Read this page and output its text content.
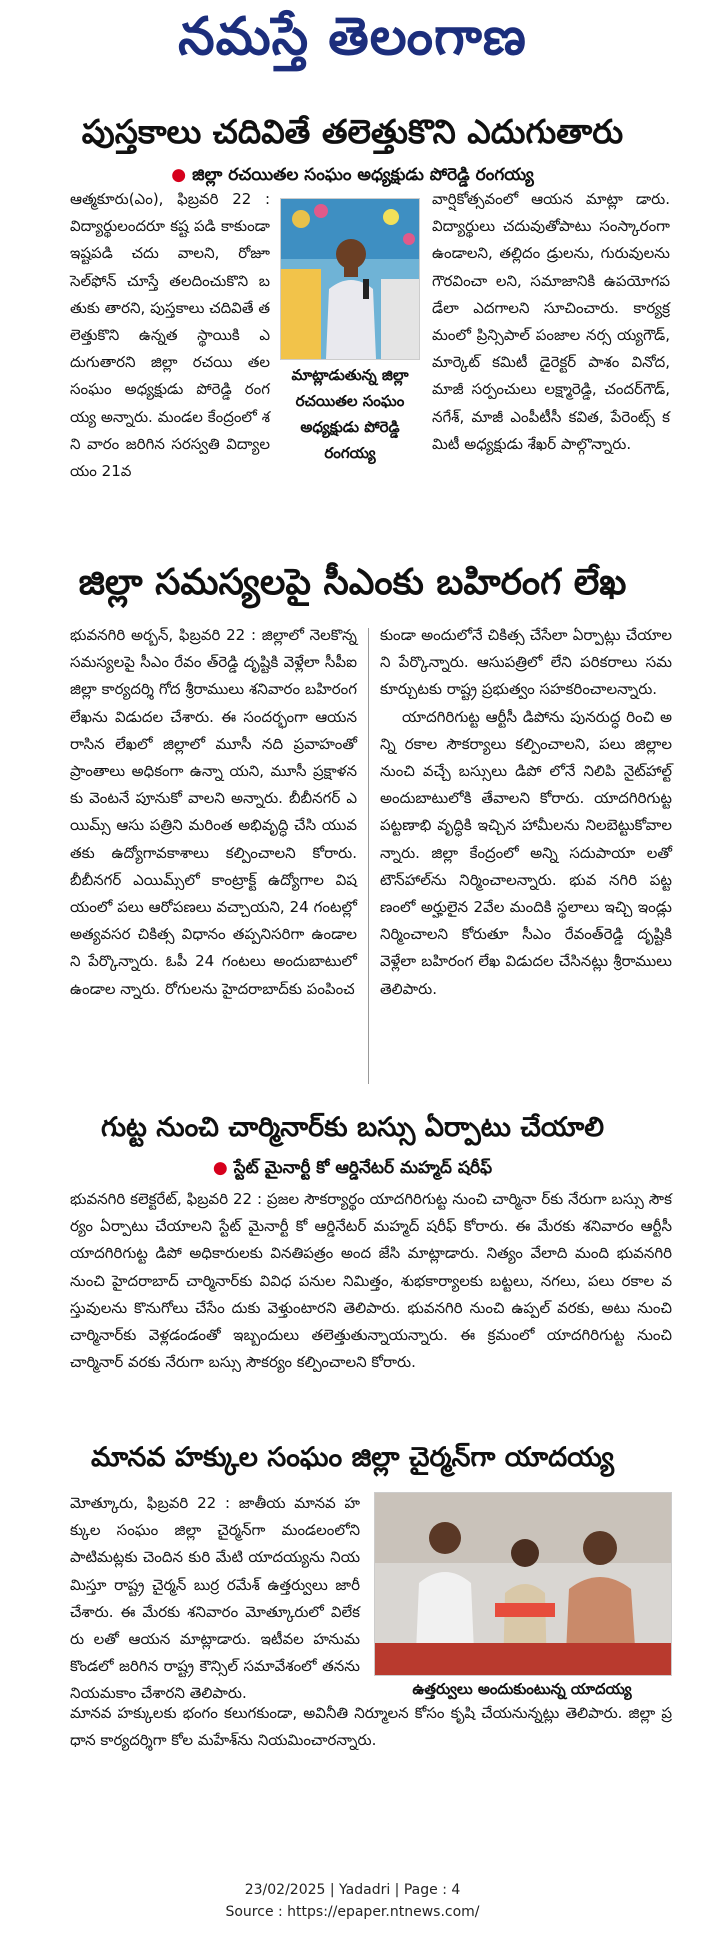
నమస్తే తెలంగాణ
పుస్తకాలు చదివితే తలెత్తుకొని ఎదుగుతారు
● జిల్లా రచయితల సంఘం అధ్యక్షుడు పోరెడ్డి రంగయ్య

ఆత్మకూరు(ఎం), ఫిబ్రవరి 22 : విద్యార్థులందరూ కష్ట పడి కాకుండా ఇష్టపడి చదు వాలని, రోజూ సెల్‌ఫోన్ చూస్తే తలదించుకొని బతుకు తారని, పుస్తకాలు చదివితే తలెత్తుకొని ఉన్నత స్థాయికి ఎదుగుతారని జిల్లా రచయి తల సంఘం అధ్యక్షుడు పోరెడ్డి రంగయ్య అన్నారు. మండల కేంద్రంలో శని వారం జరిగిన సరస్వతి విద్యాలయం 21వ

మాట్లాడుతున్న జిల్లా రచయితల సంఘం అధ్యక్షుడు పోరెడ్డి రంగయ్య

వార్షికోత్సవంలో ఆయన మాట్లా డారు. విద్యార్థులు చదువుతోపాటు సంస్కారంగా ఉండాలని, తల్లిదం డ్రులను, గురువులను గౌరవించా లని, సమాజానికి ఉపయోగపడేలా ఎదగాలని సూచించారు. కార్యక్ర మంలో ప్రిన్సిపాల్ పంజాల నర్స య్యగౌడ్, మార్కెట్ కమిటీ డైరెక్టర్ పాశం వినోద, మాజీ సర్పంచులు లక్ష్మారెడ్డి, చందర్‌గౌడ్, నగేశ్, మాజీ ఎంపీటీసీ కవిత, పేరెంట్స్ కమిటీ అధ్యక్షుడు శేఖర్ పాల్గొన్నారు.

జిల్లా సమస్యలపై సీఎంకు బహిరంగ లేఖ

భువనగిరి అర్బన్, ఫిబ్రవరి 22 : జిల్లాలో నెలకొన్న సమస్యలపై సీఎం రేవం త్‌రెడ్డి దృష్టికి వెళ్లేలా సీపీఐ జిల్లా కార్యదర్శి గోద శ్రీరాములు శనివారం బహిరంగ లేఖను విడుదల చేశారు. ఈ సందర్భంగా ఆయన రాసిన లేఖలో జిల్లాలో మూసీ నది ప్రవాహంతో ప్రాంతాలు అధికంగా ఉన్నా యని, మూసీ ప్రక్షాళనకు వెంటనే పూనుకో వాలని అన్నారు. బీబీనగర్ ఎయిమ్స్ ఆసు పత్రిని మరింత అభివృద్ధి చేసి యువతకు ఉద్యోగావకాశాలు కల్పించాలని కోరారు. బీబీనగర్ ఎయిమ్స్‌లో కాంట్రాక్ట్ ఉద్యోగాల విషయంలో పలు ఆరోపణలు వచ్చాయని, 24 గంటల్లో అత్యవసర చికిత్స విధానం తప్పనిసరిగా ఉండాలని పేర్కొన్నారు. ఓపీ 24 గంటలు అందుబాటులో ఉండాల న్నారు. రోగులను హైదరాబాద్‌కు పంపించ

కుండా అందులోనే చికిత్స చేసేలా ఏర్పాట్లు చేయాలని పేర్కొన్నారు. ఆసుపత్రిలో లేని పరికరాలు సమకూర్చుటకు రాష్ట్ర ప్రభుత్వం సహకరించాలన్నారు.

యాదగిరిగుట్ట ఆర్టీసీ డిపోను పునరుద్ధ రించి అన్ని రకాల సౌకర్యాలు కల్పించాలని, పలు జిల్లాల నుంచి వచ్చే బస్సులు డిపో లోనే నిలిపి నైట్‌హాల్ట్ అందుబాటులోకి తేవాలని కోరారు. యాదగిరిగుట్ట పట్టణాభి వృద్ధికి ఇచ్చిన హామీలను నిలబెట్టుకోవాల న్నారు. జిల్లా కేంద్రంలో అన్ని సదుపాయా లతో టౌన్‌హాల్‌ను నిర్మించాలన్నారు. భువ నగిరి పట్టణంలో అర్హులైన 2వేల మందికి స్థలాలు ఇచ్చి ఇండ్లు నిర్మించాలని కోరుతూ సీఎం రేవంత్‌రెడ్డి దృష్టికి వెళ్లేలా బహిరంగ లేఖ విడుదల చేసినట్లు శ్రీరాములు తెలిపారు.

గుట్ట నుంచి చార్మినార్‌కు బస్సు ఏర్పాటు చేయాలి
● స్టేట్ మైనార్టీ కో ఆర్డినేటర్ మహ్మద్ షరీఫ్

భువనగిరి కలెక్టరేట్, ఫిబ్రవరి 22 : ప్రజల సౌకర్యార్థం యాదగిరిగుట్ట నుంచి చార్మినా ర్‌కు నేరుగా బస్సు సౌకర్యం ఏర్పాటు చేయాలని స్టేట్ మైనార్టీ కో ఆర్డినేటర్ మహ్మద్ షరీఫ్ కోరారు. ఈ మేరకు శనివారం ఆర్టీసీ యాదగిరిగుట్ట డిపో అధికారులకు వినతిపత్రం అంద జేసి మాట్లాడారు. నిత్యం వేలాది మంది భువనగిరి నుంచి హైదరాబాద్ చార్మినార్‌కు వివిధ పనుల నిమిత్తం, శుభకార్యాలకు బట్టలు, నగలు, పలు రకాల వస్తువులను కొనుగోలు చేసేం దుకు వెళ్తుంటారని తెలిపారు. భువనగిరి నుంచి ఉప్పల్ వరకు, అటు నుంచి చార్మినార్‌కు వెళ్లడండంతో ఇబ్బందులు తలెత్తుతున్నాయన్నారు. ఈ క్రమంలో యాదగిరిగుట్ట నుంచి చార్మినార్ వరకు నేరుగా బస్సు సౌకర్యం కల్పించాలని కోరారు.

మానవ హక్కుల సంఘం జిల్లా చైర్మన్‌గా యాదయ్య

మోత్కూరు, ఫిబ్రవరి 22 : జాతీయ మానవ హక్కుల సంఘం జిల్లా చైర్మన్‌గా మండలంలోని పాటిమట్లకు చెందిన కురి మేటి యాదయ్యను నియమిస్తూ రాష్ట్ర చైర్మన్ బుర్ర రమేశ్ ఉత్తర్వులు జారీ చేశారు. ఈ మేరకు శనివారం మోత్కూరులో విలేకరు లతో ఆయన మాట్లాడారు. ఇటీవల హనుమ కొండలో జరిగిన రాష్ట్ర కౌన్సిల్ సమావేశంలో తనను నియమకాం చేశారని తెలిపారు.	ఉత్తర్వులు అందుకుంటున్న యాదయ్య

మానవ హక్కులకు భంగం కలుగకుండా, అవినీతి నిర్మూలన కోసం కృషి చేయనున్నట్లు తెలిపారు. జిల్లా ప్రధాన కార్యదర్శిగా కోల మహేశ్‌ను నియమించారన్నారు.

23/02/2025 | Yadadri | Page : 4
Source : https://epaper.ntnews.com/
